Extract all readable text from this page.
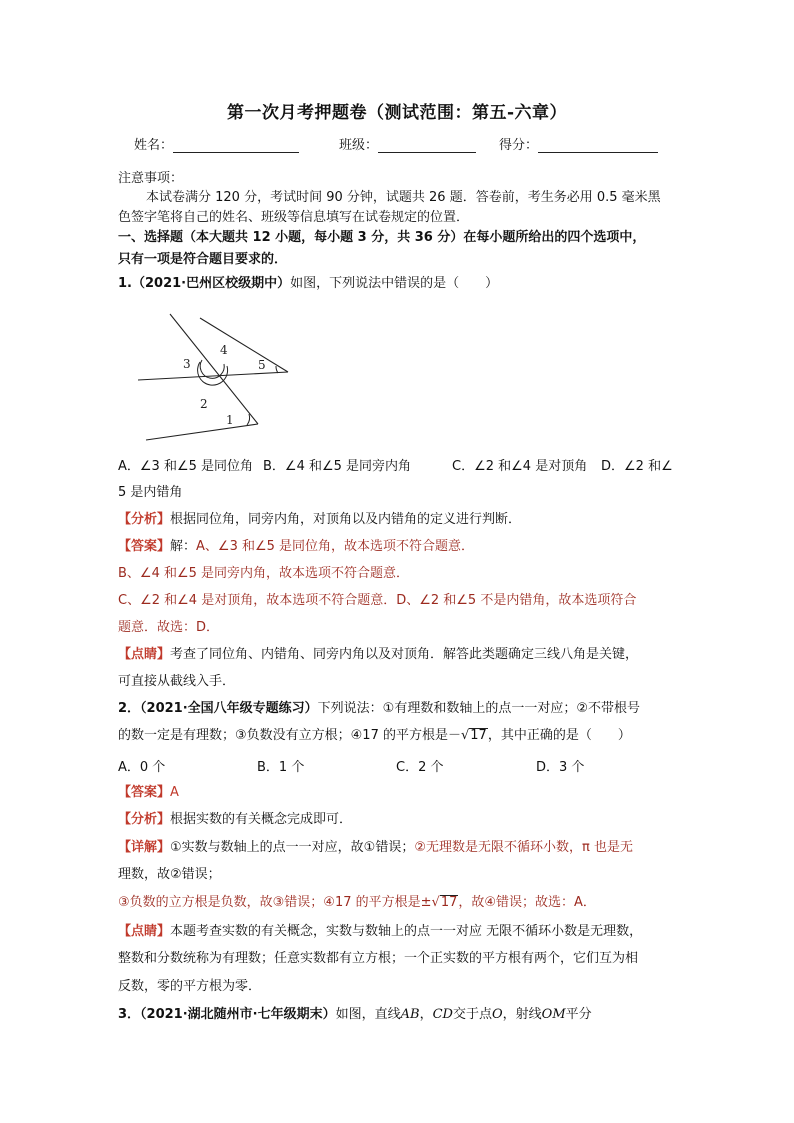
第一次月考押题卷（测试范围：第五-六章）
姓名：	班级：	得分：
注意事项：
本试卷满分 120 分，考试时间 90 分钟，试题共 26 题．答卷前，考生务必用 0.5 毫米黑
色签字笔将自己的姓名、班级等信息填写在试卷规定的位置．
一、选择题（本大题共 12 小题，每小题 3 分，共 36 分）在每小题所给出的四个选项中，
只有一项是符合题目要求的．
1.（2021·巴州区校级期中）如图，下列说法中错误的是（　　）
1
2
3
4
5
A．∠3 和∠5 是同位角 B．∠4 和∠5 是同旁内角	C．∠2 和∠4 是对顶角 D．∠2 和∠
5 是内错角
【分析】根据同位角，同旁内角，对顶角以及内错角的定义进行判断．
【答案】解：A、∠3 和∠5 是同位角，故本选项不符合题意．
B、∠4 和∠5 是同旁内角，故本选项不符合题意．
C、∠2 和∠4 是对顶角，故本选项不符合题意．D、∠2 和∠5 不是内错角，故本选项符合
题意．故选：D．
【点睛】考查了同位角、内错角、同旁内角以及对顶角．解答此类题确定三线八角是关键，
可直接从截线入手．
2．（2021·全国八年级专题练习）下列说法：①有理数和数轴上的点一一对应；②不带根号
的数一定是有理数；③负数没有立方根；④17 的平方根是－√17，其中正确的是（　　）
A．0 个	B．1 个	C．2 个	D．3 个
【答案】A
【分析】根据实数的有关概念完成即可．
【详解】①实数与数轴上的点一一对应，故①错误；②无理数是无限不循环小数，π 也是无
理数，故②错误；
③负数的立方根是负数，故③错误；④17 的平方根是±√17，故④错误；故选：A．
【点睛】本题考查实数的有关概念，实数与数轴上的点一一对应 无限不循环小数是无理数，
整数和分数统称为有理数；任意实数都有立方根；一个正实数的平方根有两个，它们互为相
反数，零的平方根为零．
3．（2021·湖北随州市·七年级期末）如图，直线AB，CD交于点O，射线OM平分
